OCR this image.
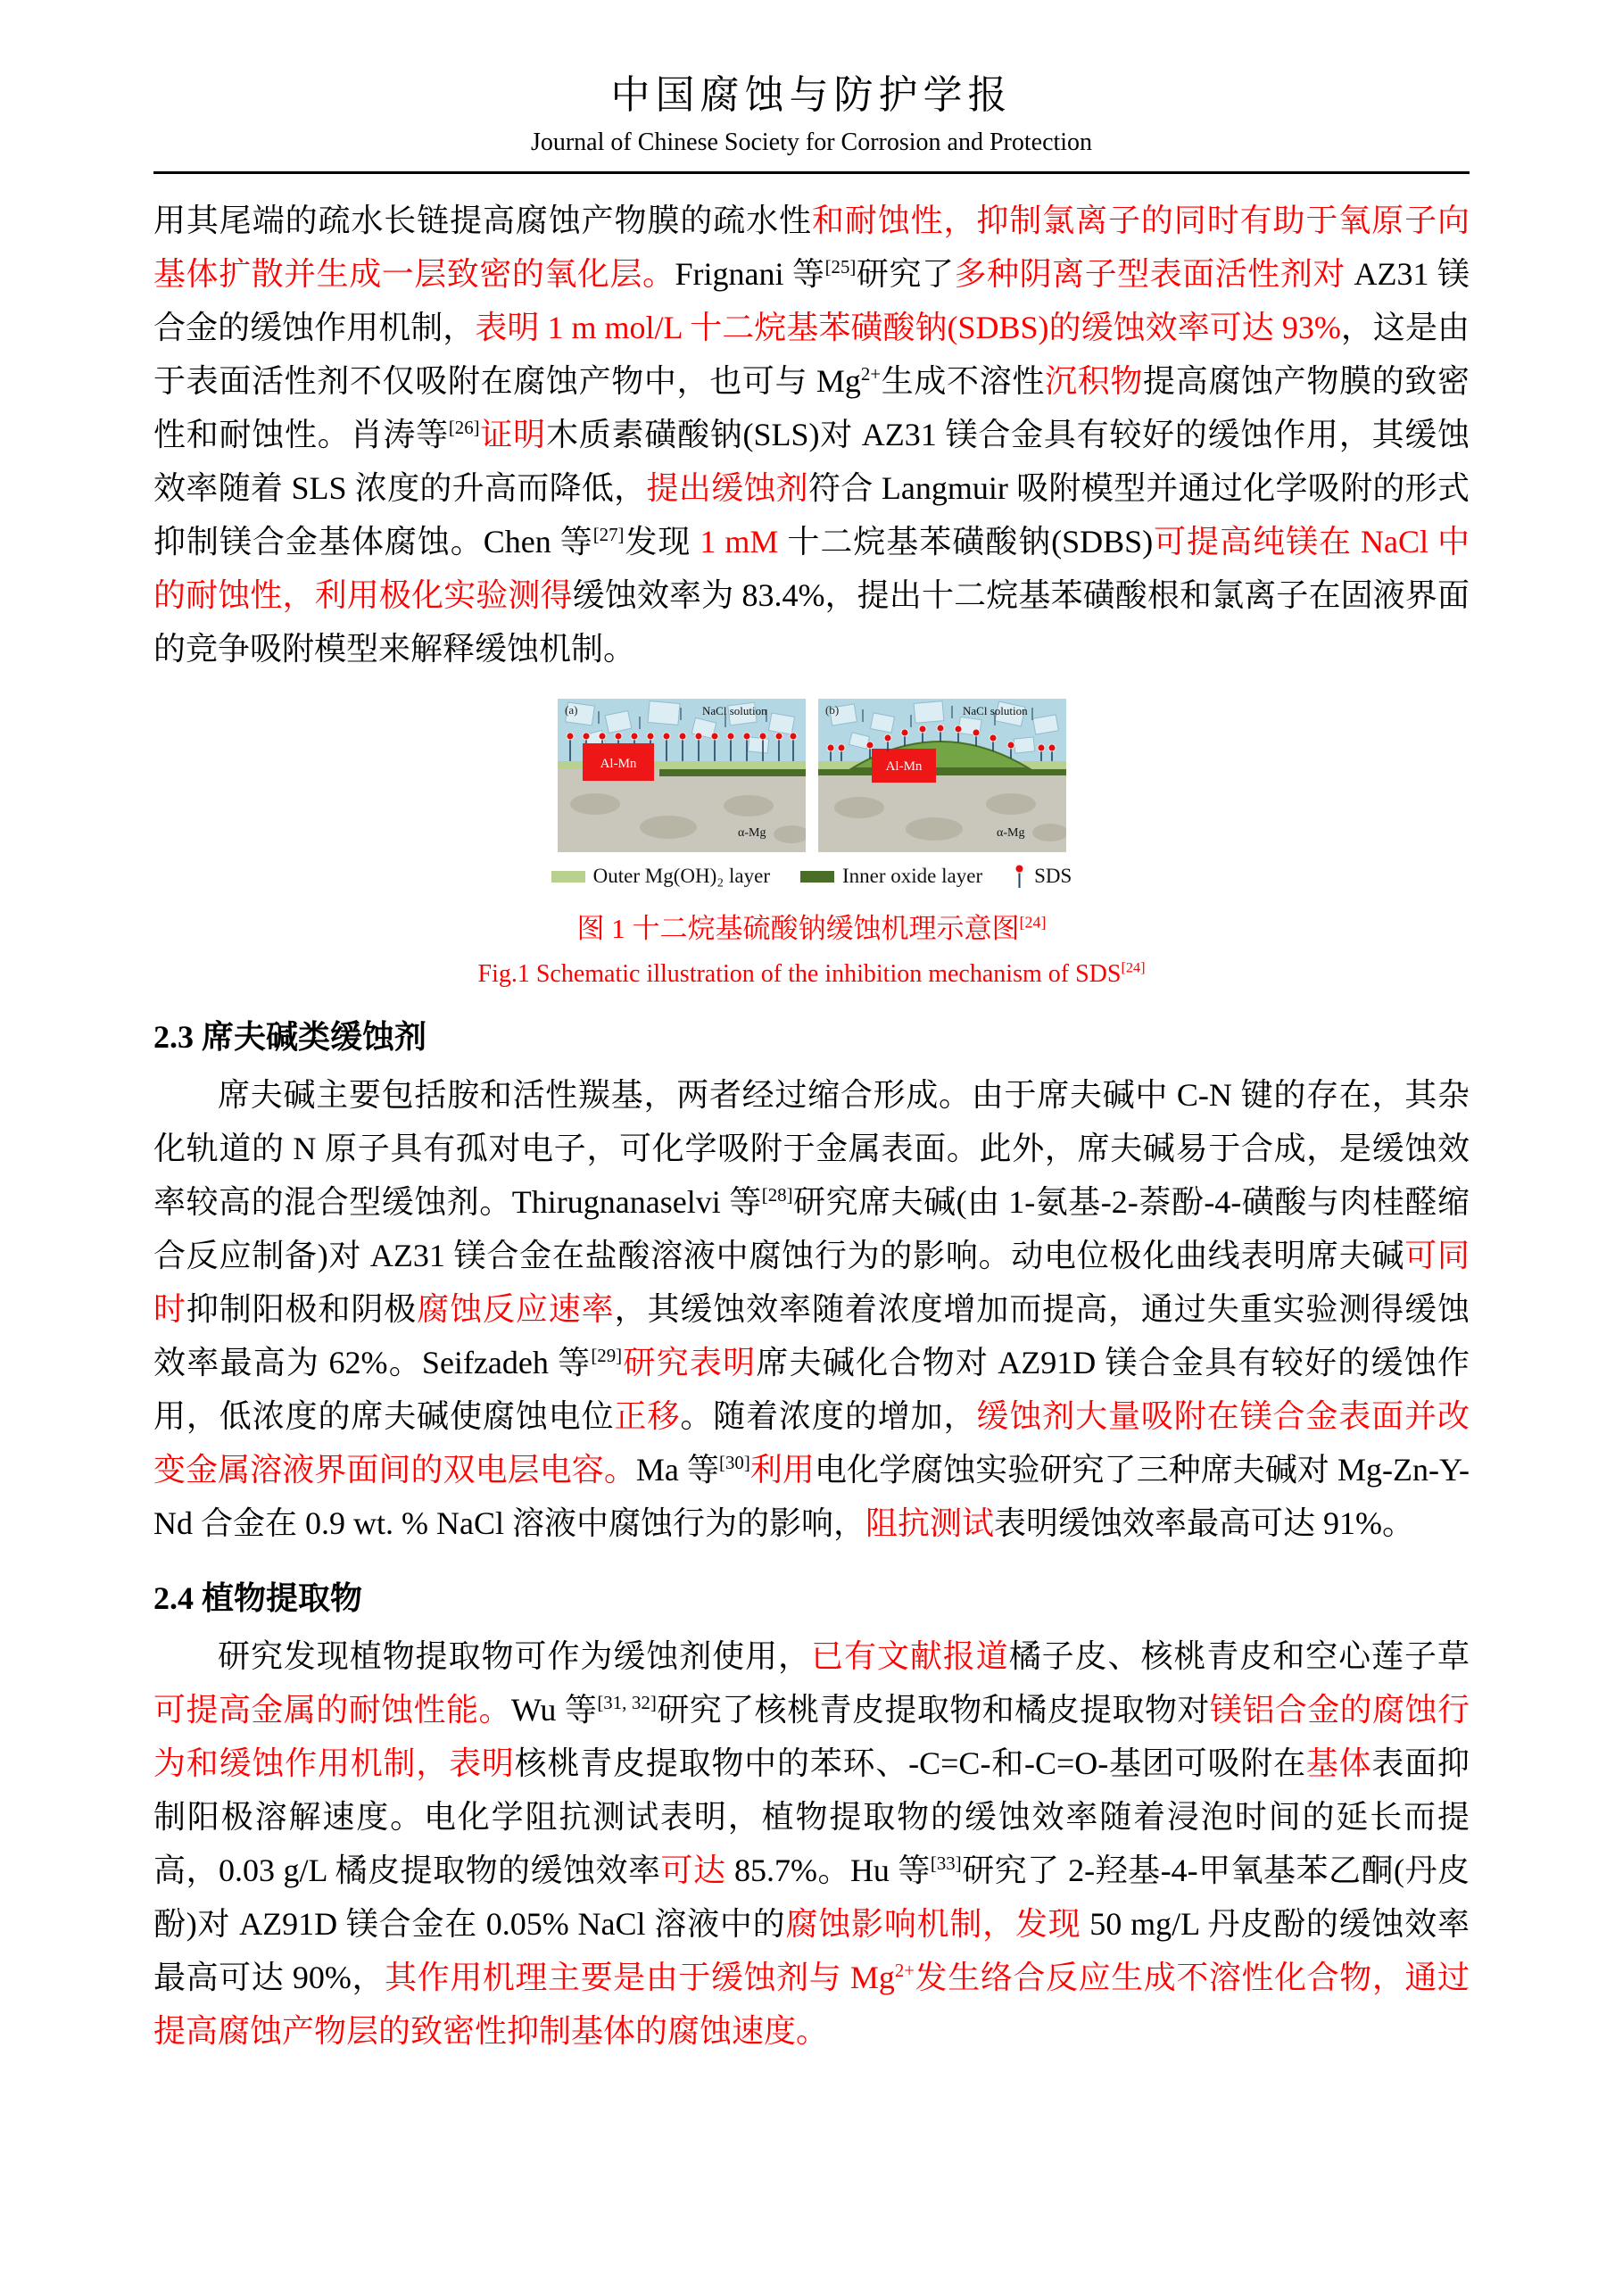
中国腐蚀与防护学报
Journal of Chinese Society for Corrosion and Protection

用其尾端的疏水长链提高腐蚀产物膜的疏水性和耐蚀性，抑制氯离子的同时有助于氧原子向基体扩散并生成一层致密的氧化层。Frignani 等[25]研究了多种阴离子型表面活性剂对 AZ31 镁合金的缓蚀作用机制，表明 1 m mol/L 十二烷基苯磺酸钠(SDBS)的缓蚀效率可达 93%，这是由于表面活性剂不仅吸附在腐蚀产物中，也可与 $Mg^{2+}$生成不溶性沉积物提高腐蚀产物膜的致密性和耐蚀性。肖涛等[26]证明木质素磺酸钠(SLS)对 AZ31 镁合金具有较好的缓蚀作用，其缓蚀效率随着 SLS 浓度的升高而降低，提出缓蚀剂符合 Langmuir 吸附模型并通过化学吸附的形式抑制镁合金基体腐蚀。Chen 等[27]发现 1 mM 十二烷基苯磺酸钠(SDBS)可提高纯镁在 NaCl 中的耐蚀性，利用极化实验测得缓蚀效率为 83.4%，提出十二烷基苯磺酸根和氯离子在固液界面的竞争吸附模型来解释缓蚀机制。

Al-Mn
(a)	NaCl solution
α-Mg
Al-Mn
(b)	NaCl solution
α-Mg
Outer Mg(OH)₂ layer	Inner oxide layer	SDS
图 1 十二烷基硫酸钠缓蚀机理示意图[24]
Fig.1 Schematic illustration of the inhibition mechanism of SDS[24]
2.3 席夫碱类缓蚀剂

席夫碱主要包括胺和活性羰基，两者经过缩合形成。由于席夫碱中 C-N 键的存在，其杂化轨道的 N 原子具有孤对电子，可化学吸附于金属表面。此外，席夫碱易于合成，是缓蚀效率较高的混合型缓蚀剂。Thirugnanaselvi 等[28]研究席夫碱(由 1-氨基-2-萘酚-4-磺酸与肉桂醛缩合反应制备)对 AZ31 镁合金在盐酸溶液中腐蚀行为的影响。动电位极化曲线表明席夫碱可同时抑制阳极和阴极腐蚀反应速率，其缓蚀效率随着浓度增加而提高，通过失重实验测得缓蚀效率最高为 62%。Seifzadeh 等[29]研究表明席夫碱化合物对 AZ91D 镁合金具有较好的缓蚀作用，低浓度的席夫碱使腐蚀电位正移。随着浓度的增加，缓蚀剂大量吸附在镁合金表面并改变金属溶液界面间的双电层电容。Ma 等[30]利用电化学腐蚀实验研究了三种席夫碱对 Mg-Zn-Y-Nd 合金在 0.9 wt. % NaCl 溶液中腐蚀行为的影响，阻抗测试表明缓蚀效率最高可达 91%。

2.4 植物提取物

研究发现植物提取物可作为缓蚀剂使用，已有文献报道橘子皮、核桃青皮和空心莲子草可提高金属的耐蚀性能。Wu 等[31, 32]研究了核桃青皮提取物和橘皮提取物对镁铝合金的腐蚀行为和缓蚀作用机制，表明核桃青皮提取物中的苯环、-C=C-和-C=O-基团可吸附在基体表面抑制阳极溶解速度。电化学阻抗测试表明，植物提取物的缓蚀效率随着浸泡时间的延长而提高，0.03 g/L 橘皮提取物的缓蚀效率可达 85.7%。Hu 等[33]研究了 2-羟基-4-甲氧基苯乙酮(丹皮酚)对 AZ91D 镁合金在 0.05% NaCl 溶液中的腐蚀影响机制，发现 50 mg/L 丹皮酚的缓蚀效率最高可达 90%，其作用机理主要是由于缓蚀剂与 $Mg^{2+}$发生络合反应生成不溶性化合物，通过提高腐蚀产物层的致密性抑制基体的腐蚀速度。
